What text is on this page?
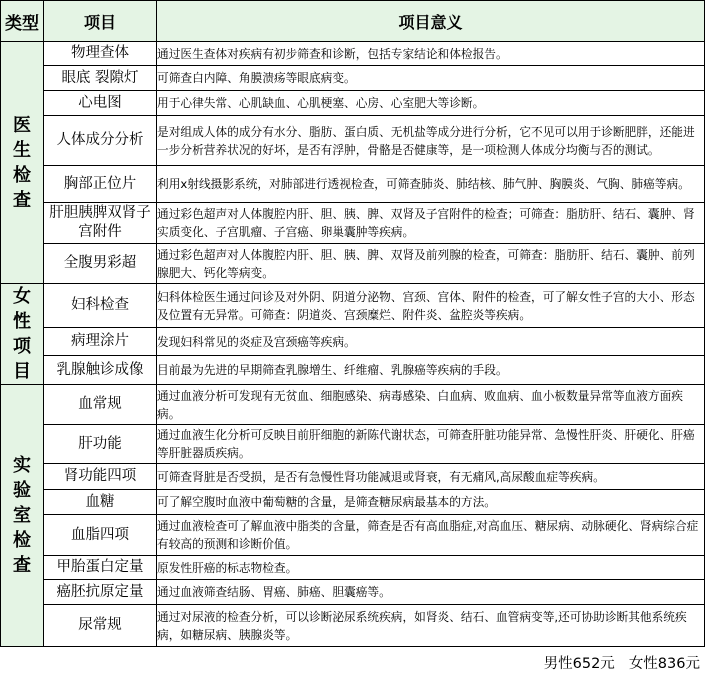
类型	项目	项目意义

医
生
检
查	物理查体	通过医生查体对疾病有初步筛查和诊断，包括专家结论和体检报告。
	眼底 裂隙灯	可筛查白内障、角膜溃疡等眼底病变。
	心电图	用于心律失常、心肌缺血、心肌梗塞、心房、心室肥大等诊断。
	人体成分分析	是对组成人体的成分有水分、脂肪、蛋白质、无机盐等成分进行分析，它不见可以用于诊断肥胖，还能进一步分析营养状况的好坏，是否有浮肿，骨骼是否健康等，是一项检测人体成分均衡与否的测试。
	胸部正位片	利用x射线摄影系统，对肺部进行透视检查，可筛查肺炎、肺结核、肺气肿、胸膜炎、气胸、肺癌等病。
	肝胆胰脾双肾子宫附件	通过彩色超声对人体腹腔内肝、胆、胰、脾、双肾及子宫附件的检查；可筛查：脂肪肝、结石、囊肿、肾实质变化、子宫肌瘤、子宫癌、卵巢囊肿等疾病。
	全腹男彩超	通过彩色超声对人体腹腔内肝、胆、胰、脾、双肾及前列腺的检查，可筛查：脂肪肝、结石、囊肿、前列腺肥大、钙化等病变。

女
性
项
目	妇科检查	妇科体检医生通过问诊及对外阴、阴道分泌物、宫颈、宫体、附件的检查，可了解女性子宫的大小、形态及位置有无异常。可筛查：阴道炎、宫颈糜烂、附件炎、盆腔炎等疾病。
	病理涂片	发现妇科常见的炎症及宫颈癌等疾病。
	乳腺触诊成像	目前最为先进的早期筛查乳腺增生、纤维瘤、乳腺癌等疾病的手段。

实
验
室
检
查	血常规	通过血液分析可发现有无贫血、细胞感染、病毒感染、白血病、败血病、血小板数量异常等血液方面疾病。
	肝功能	通过血液生化分析可反映目前肝细胞的新陈代谢状态，可筛查肝脏功能异常、急慢性肝炎、肝硬化、肝癌等肝脏器质疾病。
	肾功能四项	可筛查肾脏是否受损，是否有急慢性肾功能减退或肾衰，有无痛风,高尿酸血症等疾病。
	血糖	可了解空腹时血液中葡萄糖的含量，是筛查糖尿病最基本的方法。
	血脂四项	通过血液检查可了解血液中脂类的含量，筛查是否有高血脂症,对高血压、糖尿病、动脉硬化、肾病综合症有较高的预测和诊断价值。
	甲胎蛋白定量	原发性肝癌的标志物检查。
	癌胚抗原定量	通过血液筛查结肠、胃癌、肺癌、胆囊癌等。
	尿常规	通过对尿液的检查分析，可以诊断泌尿系统疾病，如肾炎、结石、血管病变等,还可协助诊断其他系统疾病，如糖尿病、胰腺炎等。
男性652元 女性836元
